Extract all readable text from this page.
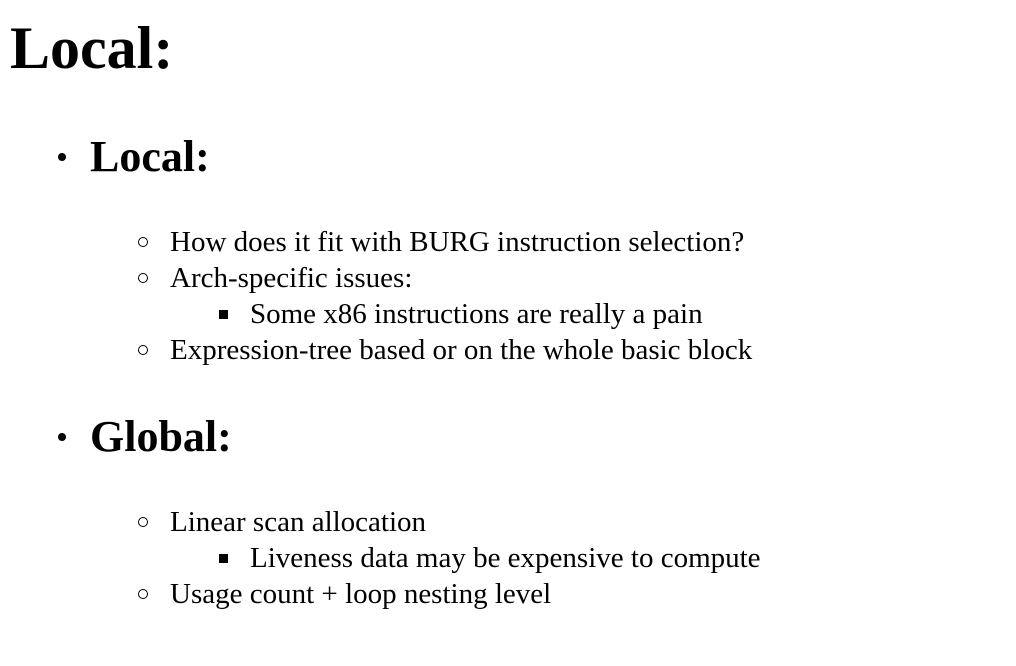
Local:
Local:
How does it fit with BURG instruction selection?
Arch-specific issues:
Some x86 instructions are really a pain
Expression-tree based or on the whole basic block
Global:
Linear scan allocation
Liveness data may be expensive to compute
Usage count + loop nesting level
